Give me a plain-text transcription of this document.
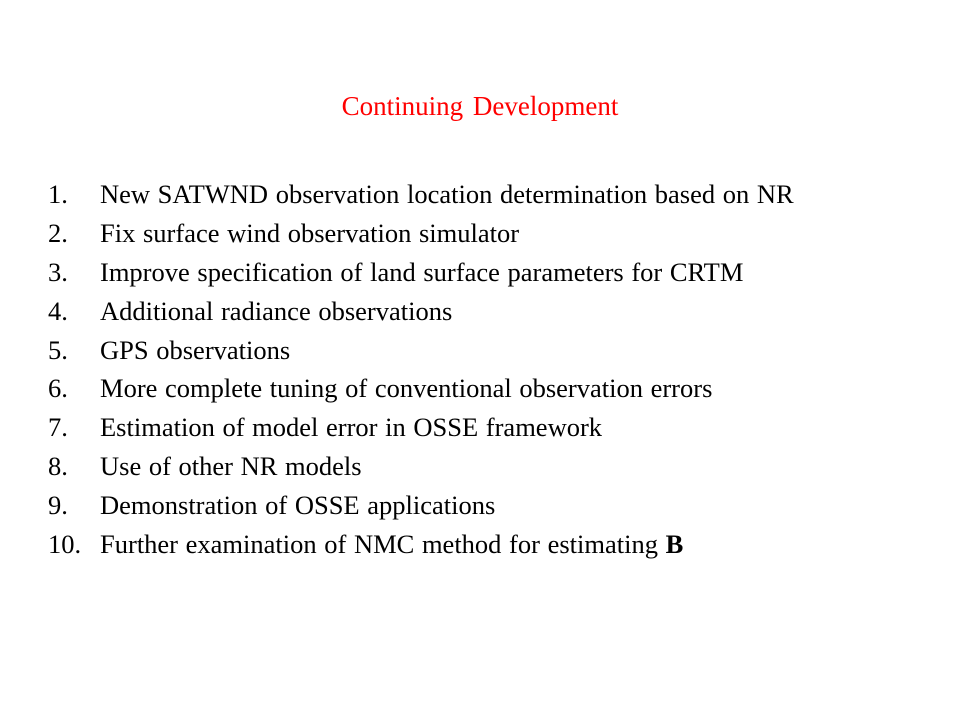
Continuing Development
1.	New SATWND observation location determination based on NR
2.	Fix surface wind observation simulator
3.	Improve specification of land surface parameters for CRTM
4.	Additional radiance observations
5.	GPS observations
6.	More complete tuning of conventional observation errors
7.	Estimation of model error in OSSE framework
8.	Use of other NR models
9.	Demonstration of OSSE applications
10. Further examination of NMC method for estimating B
